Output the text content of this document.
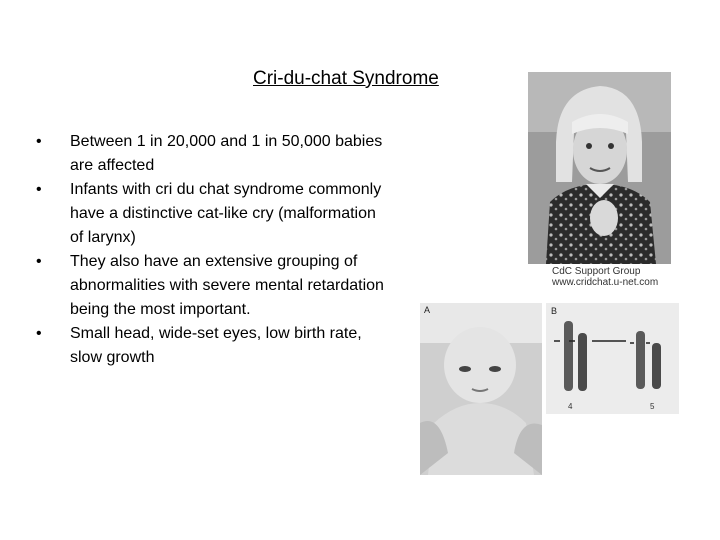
Cri-du-chat Syndrome
• Between 1 in 20,000 and 1 in 50,000 babies are affected
• Infants with cri du chat syndrome commonly have a distinctive cat-like cry (malformation of larynx)
• They also have an extensive grouping of abnormalities with severe mental retardation being the most important.
• Small head, wide-set eyes, low birth rate, slow growth
CdC Support Group
www.cridchat.u-net.com
A	B
4	5
